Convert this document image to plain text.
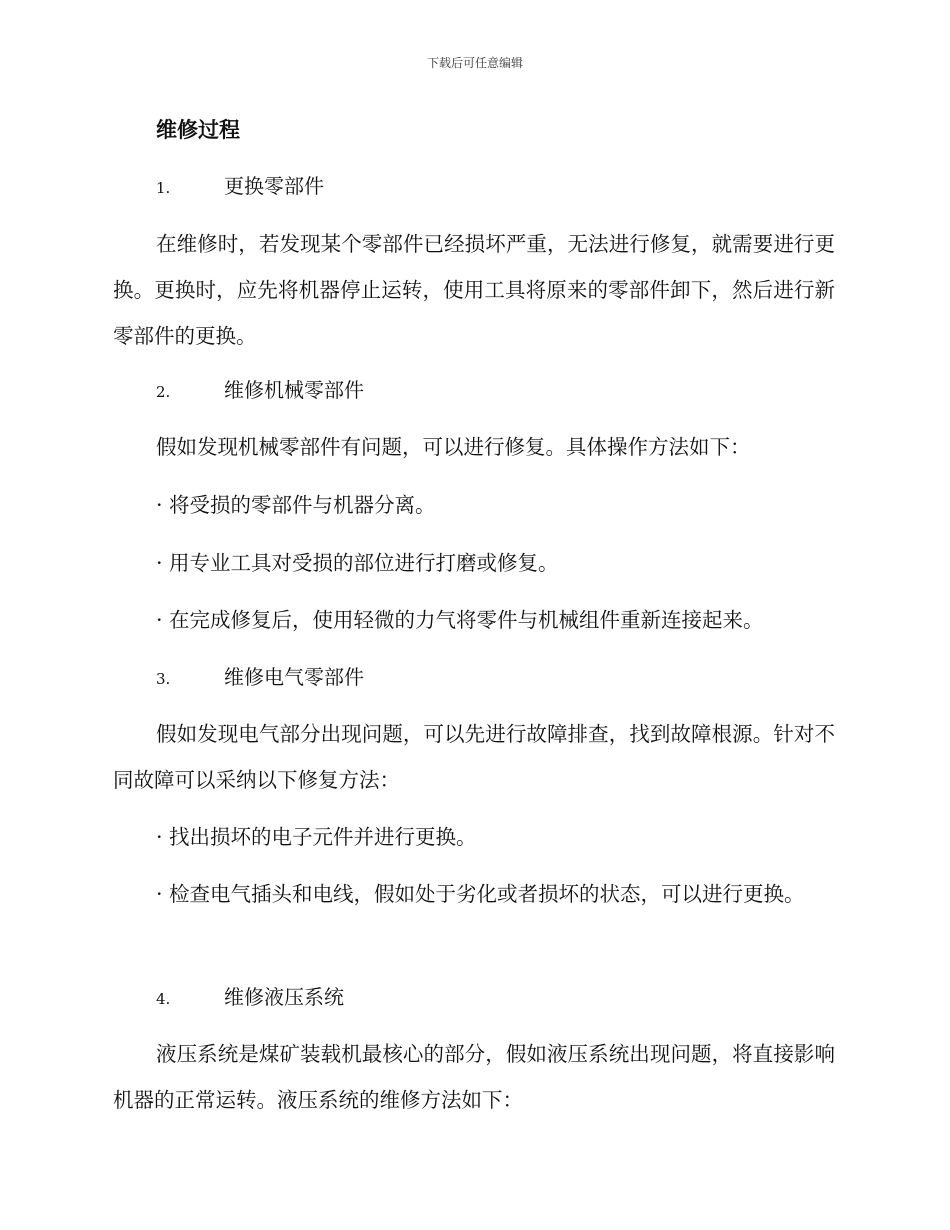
下载后可任意编辑
维修过程
1.	更换零部件
在维修时，若发现某个零部件已经损坏严重，无法进行修复，就需要进行更换。更换时，应先将机器停止运转，使用工具将原来的零部件卸下，然后进行新零部件的更换。
2.	维修机械零部件
假如发现机械零部件有问题，可以进行修复。具体操作方法如下：
· 将受损的零部件与机器分离。
· 用专业工具对受损的部位进行打磨或修复。
· 在完成修复后，使用轻微的力气将零件与机械组件重新连接起来。
3.	维修电气零部件
假如发现电气部分出现问题，可以先进行故障排查，找到故障根源。针对不同故障可以采纳以下修复方法：
· 找出损坏的电子元件并进行更换。
· 检查电气插头和电线，假如处于劣化或者损坏的状态，可以进行更换。
4.	维修液压系统
液压系统是煤矿装载机最核心的部分，假如液压系统出现问题，将直接影响机器的正常运转。液压系统的维修方法如下：
